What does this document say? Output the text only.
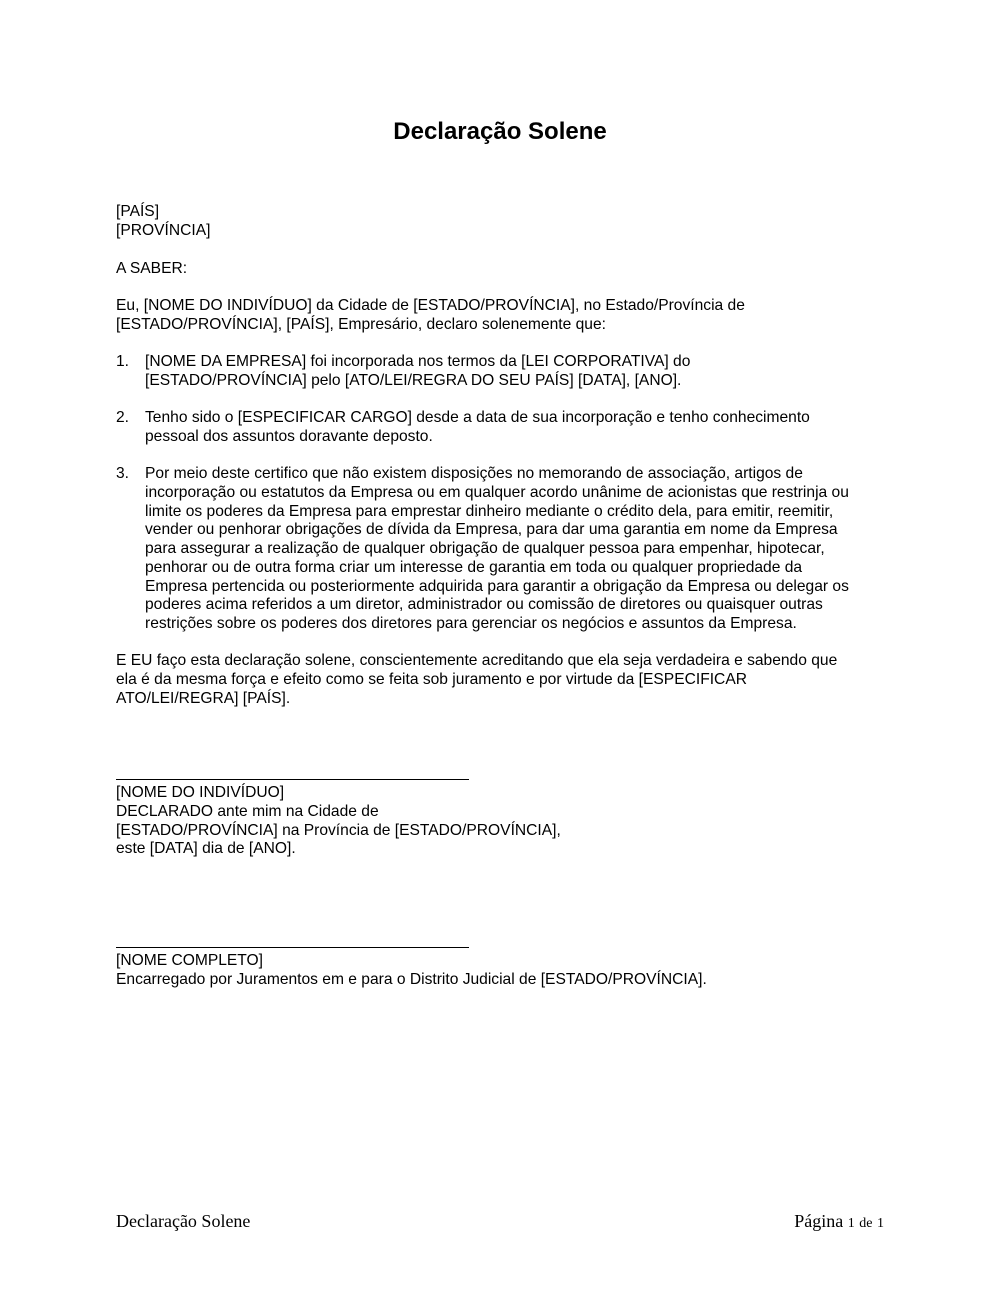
Declaração Solene
[PAÍS]
[PROVÍNCIA]
A SABER:
Eu, [NOME DO INDIVÍDUO] da Cidade de [ESTADO/PROVÍNCIA], no Estado/Província de
[ESTADO/PROVÍNCIA], [PAÍS], Empresário, declaro solenemente que:
1. [NOME DA EMPRESA] foi incorporada nos termos da [LEI CORPORATIVA] do
[ESTADO/PROVÍNCIA] pelo [ATO/LEI/REGRA DO SEU PAÍS] [DATA], [ANO].
2. Tenho sido o [ESPECIFICAR CARGO] desde a data de sua incorporação e tenho conhecimento
pessoal dos assuntos doravante deposto.
3. Por meio deste certifico que não existem disposições no memorando de associação, artigos de
incorporação ou estatutos da Empresa ou em qualquer acordo unânime de acionistas que restrinja ou
limite os poderes da Empresa para emprestar dinheiro mediante o crédito dela, para emitir, reemitir,
vender ou penhorar obrigações de dívida da Empresa, para dar uma garantia em nome da Empresa
para assegurar a realização de qualquer obrigação de qualquer pessoa para empenhar, hipotecar,
penhorar ou de outra forma criar um interesse de garantia em toda ou qualquer propriedade da
Empresa pertencida ou posteriormente adquirida para garantir a obrigação da Empresa ou delegar os
poderes acima referidos a um diretor, administrador ou comissão de diretores ou quaisquer outras
restrições sobre os poderes dos diretores para gerenciar os negócios e assuntos da Empresa.
E EU faço esta declaração solene, conscientemente acreditando que ela seja verdadeira e sabendo que
ela é da mesma força e efeito como se feita sob juramento e por virtude da [ESPECIFICAR
ATO/LEI/REGRA] [PAÍS].
[NOME DO INDIVÍDUO]
DECLARADO ante mim na Cidade de
[ESTADO/PROVÍNCIA] na Província de [ESTADO/PROVÍNCIA],
este [DATA] dia de [ANO].
[NOME COMPLETO]
Encarregado por Juramentos em e para o Distrito Judicial de [ESTADO/PROVÍNCIA].
Declaração Solene	Página 1 de 1
